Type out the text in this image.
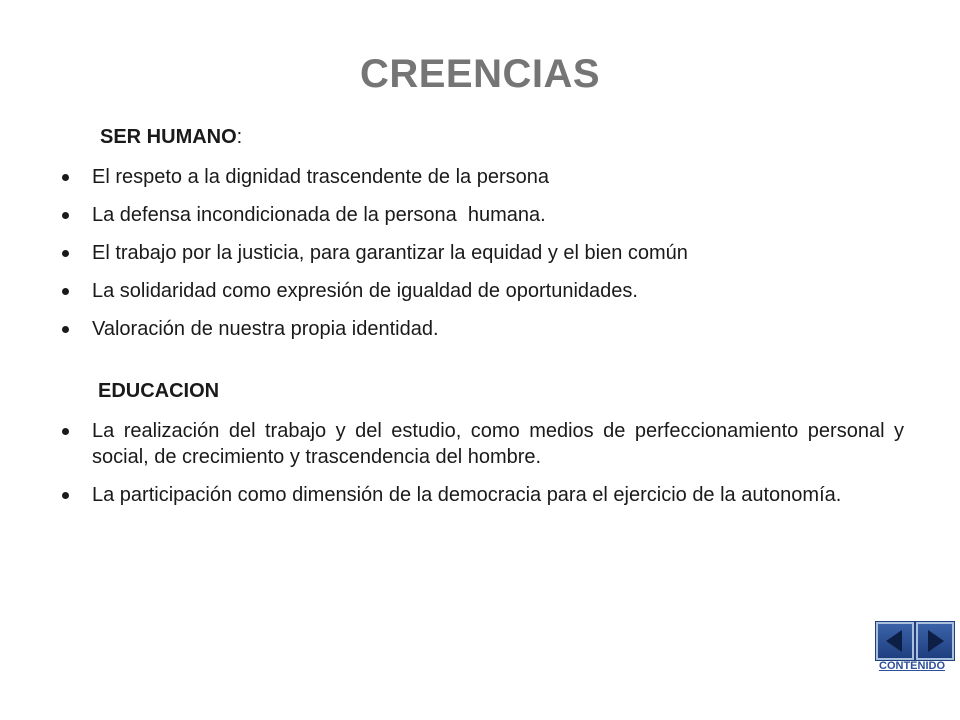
CREENCIAS
SER HUMANO:
El respeto a la dignidad trascendente de la persona
La defensa incondicionada de la persona  humana.
El trabajo por la justicia, para garantizar la equidad y el bien común
La solidaridad como expresión de igualdad de oportunidades.
Valoración de nuestra propia identidad.
EDUCACION
La realización del trabajo y del estudio, como medios de perfeccionamiento personal y social, de crecimiento y trascendencia del hombre.
La participación como dimensión de la democracia para el ejercicio de la autonomía.
CONTENIDO
